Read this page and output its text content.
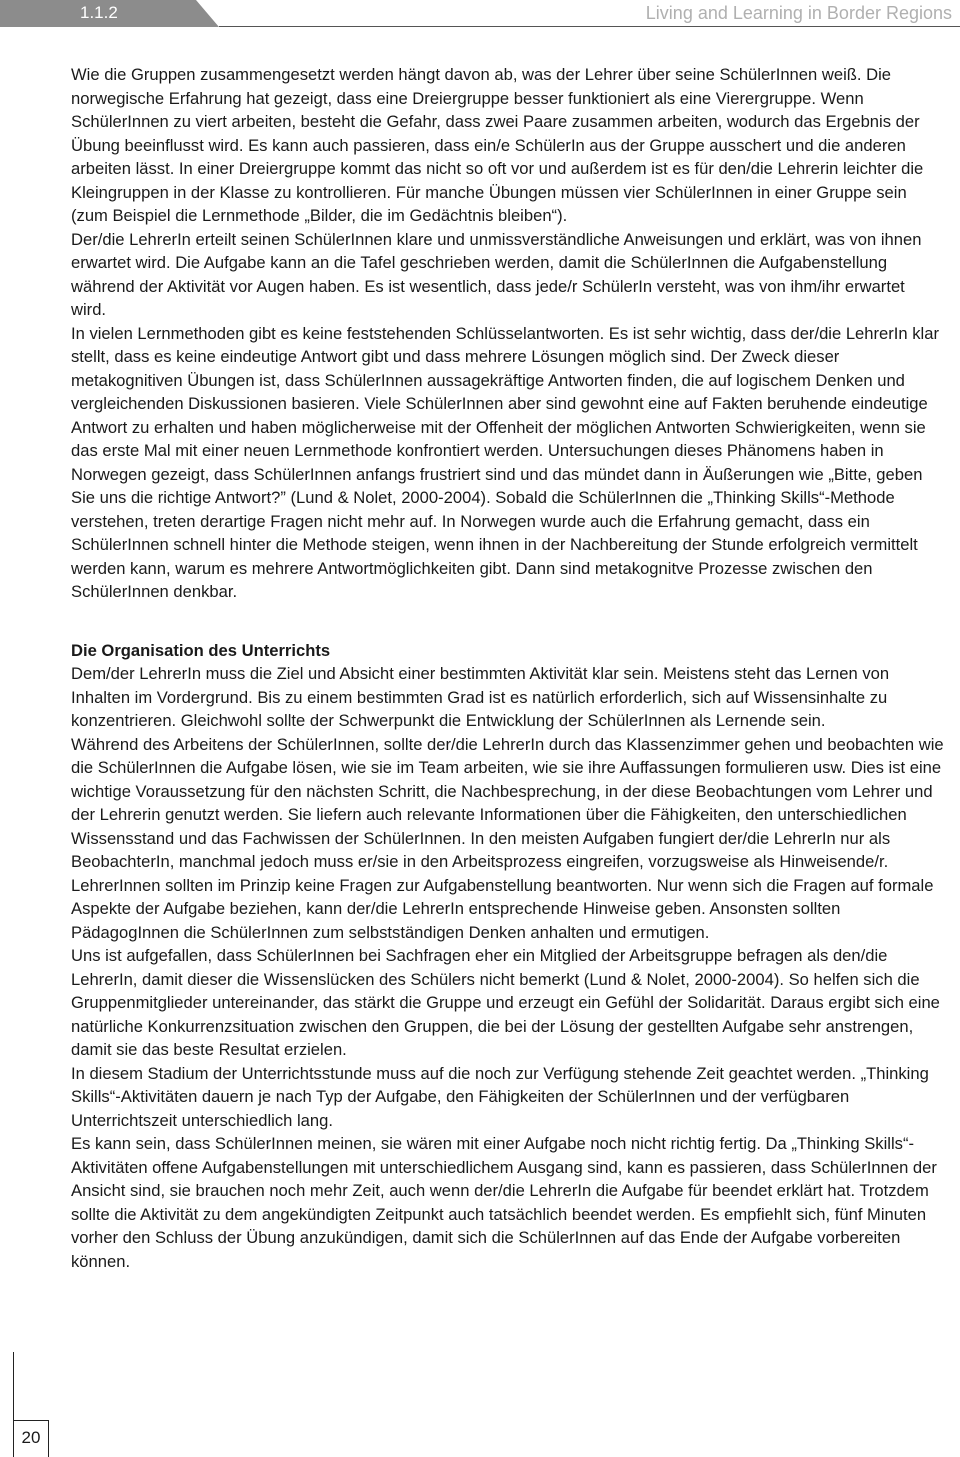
1.1.2	Living and Learning in Border Regions

Wie die Gruppen zusammengesetzt werden hängt davon ab, was der Lehrer über seine SchülerInnen weiß. Die norwegische Erfahrung hat gezeigt, dass eine Dreiergruppe besser funktioniert als eine Vierergruppe. Wenn SchülerInnen zu viert arbeiten, besteht die Gefahr, dass zwei Paare zusammen arbeiten, wodurch das Ergebnis der Übung beeinflusst wird. Es kann auch passieren, dass ein/e SchülerIn aus der Gruppe ausschert und die anderen arbeiten lässt. In einer Dreiergruppe kommt das nicht so oft vor und außerdem ist es für den/die Lehrerin leichter die Kleingruppen in der Klasse zu kontrollieren. Für manche Übungen müssen vier SchülerInnen in einer Gruppe sein (zum Beispiel die Lernmethode „Bilder, die im Gedächtnis bleiben“).

Der/die LehrerIn erteilt seinen SchülerInnen klare und unmissverständliche Anweisungen und erklärt, was von ihnen erwartet wird. Die Aufgabe kann an die Tafel geschrieben werden, damit die SchülerInnen die Aufgabenstellung während der Aktivität vor Augen haben. Es ist wesentlich, dass jede/r SchülerIn versteht, was von ihm/ihr erwartet wird.

In vielen Lernmethoden gibt es keine feststehenden Schlüsselantworten. Es ist sehr wichtig, dass der/die LehrerIn klar stellt, dass es keine eindeutige Antwort gibt und dass mehrere Lösungen möglich sind. Der Zweck dieser metakognitiven Übungen ist, dass SchülerInnen aussagekräftige Antworten finden, die auf logischem Denken und vergleichenden Diskussionen basieren. Viele SchülerInnen aber sind gewohnt eine auf Fakten beruhende eindeutige Antwort zu erhalten und haben möglicherweise mit der Offenheit der möglichen Antworten Schwierigkeiten, wenn sie das erste Mal mit einer neuen Lernmethode konfrontiert werden. Untersuchungen dieses Phänomens haben in Norwegen gezeigt, dass SchülerInnen anfangs frustriert sind und das mündet dann in Äußerungen wie „Bitte, geben Sie uns die richtige Antwort?” (Lund & Nolet, 2000-2004). Sobald die SchülerInnen die „Thinking Skills“-Methode verstehen, treten derartige Fragen nicht mehr auf. In Norwegen wurde auch die Erfahrung gemacht, dass ein SchülerInnen schnell hinter die Methode steigen, wenn ihnen in der Nachbereitung der Stunde erfolgreich vermittelt werden kann, warum es mehrere Antwortmöglichkeiten gibt. Dann sind metakognitve Prozesse zwischen den SchülerInnen denkbar.

Die Organisation des Unterrichts

Dem/der LehrerIn muss die Ziel und Absicht einer bestimmten Aktivität klar sein. Meistens steht das Lernen von Inhalten im Vordergrund. Bis zu einem bestimmten Grad ist es natürlich erforderlich, sich auf Wissensinhalte zu konzentrieren. Gleichwohl sollte der Schwerpunkt die Entwicklung der SchülerInnen als Lernende sein.

Während des Arbeitens der SchülerInnen, sollte der/die LehrerIn durch das Klassenzimmer gehen und beobachten wie die SchülerInnen die Aufgabe lösen, wie sie im Team arbeiten, wie sie ihre Auffassungen formulieren usw. Dies ist eine wichtige Voraussetzung für den nächsten Schritt, die Nachbesprechung, in der diese Beobachtungen vom Lehrer und der Lehrerin genutzt werden. Sie liefern auch relevante Informationen über die Fähigkeiten, den unterschiedlichen Wissensstand und das Fachwissen der SchülerInnen. In den meisten Aufgaben fungiert der/die LehrerIn nur als BeobachterIn, manchmal jedoch muss er/sie in den Arbeitsprozess eingreifen, vorzugsweise als Hinweisende/r. LehrerInnen sollten im Prinzip keine Fragen zur Aufgabenstellung beantworten. Nur wenn sich die Fragen auf formale Aspekte der Aufgabe beziehen, kann der/die LehrerIn entsprechende Hinweise geben. Ansonsten sollten PädagogInnen die SchülerInnen zum selbstständigen Denken anhalten und ermutigen.

Uns ist aufgefallen, dass SchülerInnen bei Sachfragen eher ein Mitglied der Arbeitsgruppe befragen als den/die LehrerIn, damit dieser die Wissenslücken des Schülers nicht bemerkt (Lund & Nolet, 2000-2004). So helfen sich die Gruppenmitglieder untereinander, das stärkt die Gruppe und erzeugt ein Gefühl der Solidarität. Daraus ergibt sich eine natürliche Konkurrenzsituation zwischen den Gruppen, die bei der Lösung der gestellten Aufgabe sehr anstrengen, damit sie das beste Resultat erzielen.

In diesem Stadium der Unterrichtsstunde muss auf die noch zur Verfügung stehende Zeit geachtet werden. „Thinking Skills“-Aktivitäten dauern je nach Typ der Aufgabe, den Fähigkeiten der SchülerInnen und der verfügbaren Unterrichtszeit unterschiedlich lang.

Es kann sein, dass SchülerInnen meinen, sie wären mit einer Aufgabe noch nicht richtig fertig. Da „Thinking Skills“-Aktivitäten offene Aufgabenstellungen mit unterschiedlichem Ausgang sind, kann es passieren, dass SchülerInnen der Ansicht sind, sie brauchen noch mehr Zeit, auch wenn der/die LehrerIn die Aufgabe für beendet erklärt hat. Trotzdem sollte die Aktivität zu dem angekündigten Zeitpunkt auch tatsächlich beendet werden. Es empfiehlt sich, fünf Minuten vorher den Schluss der Übung anzukündigen, damit sich die SchülerInnen auf das Ende der Aufgabe vorbereiten können.

20
